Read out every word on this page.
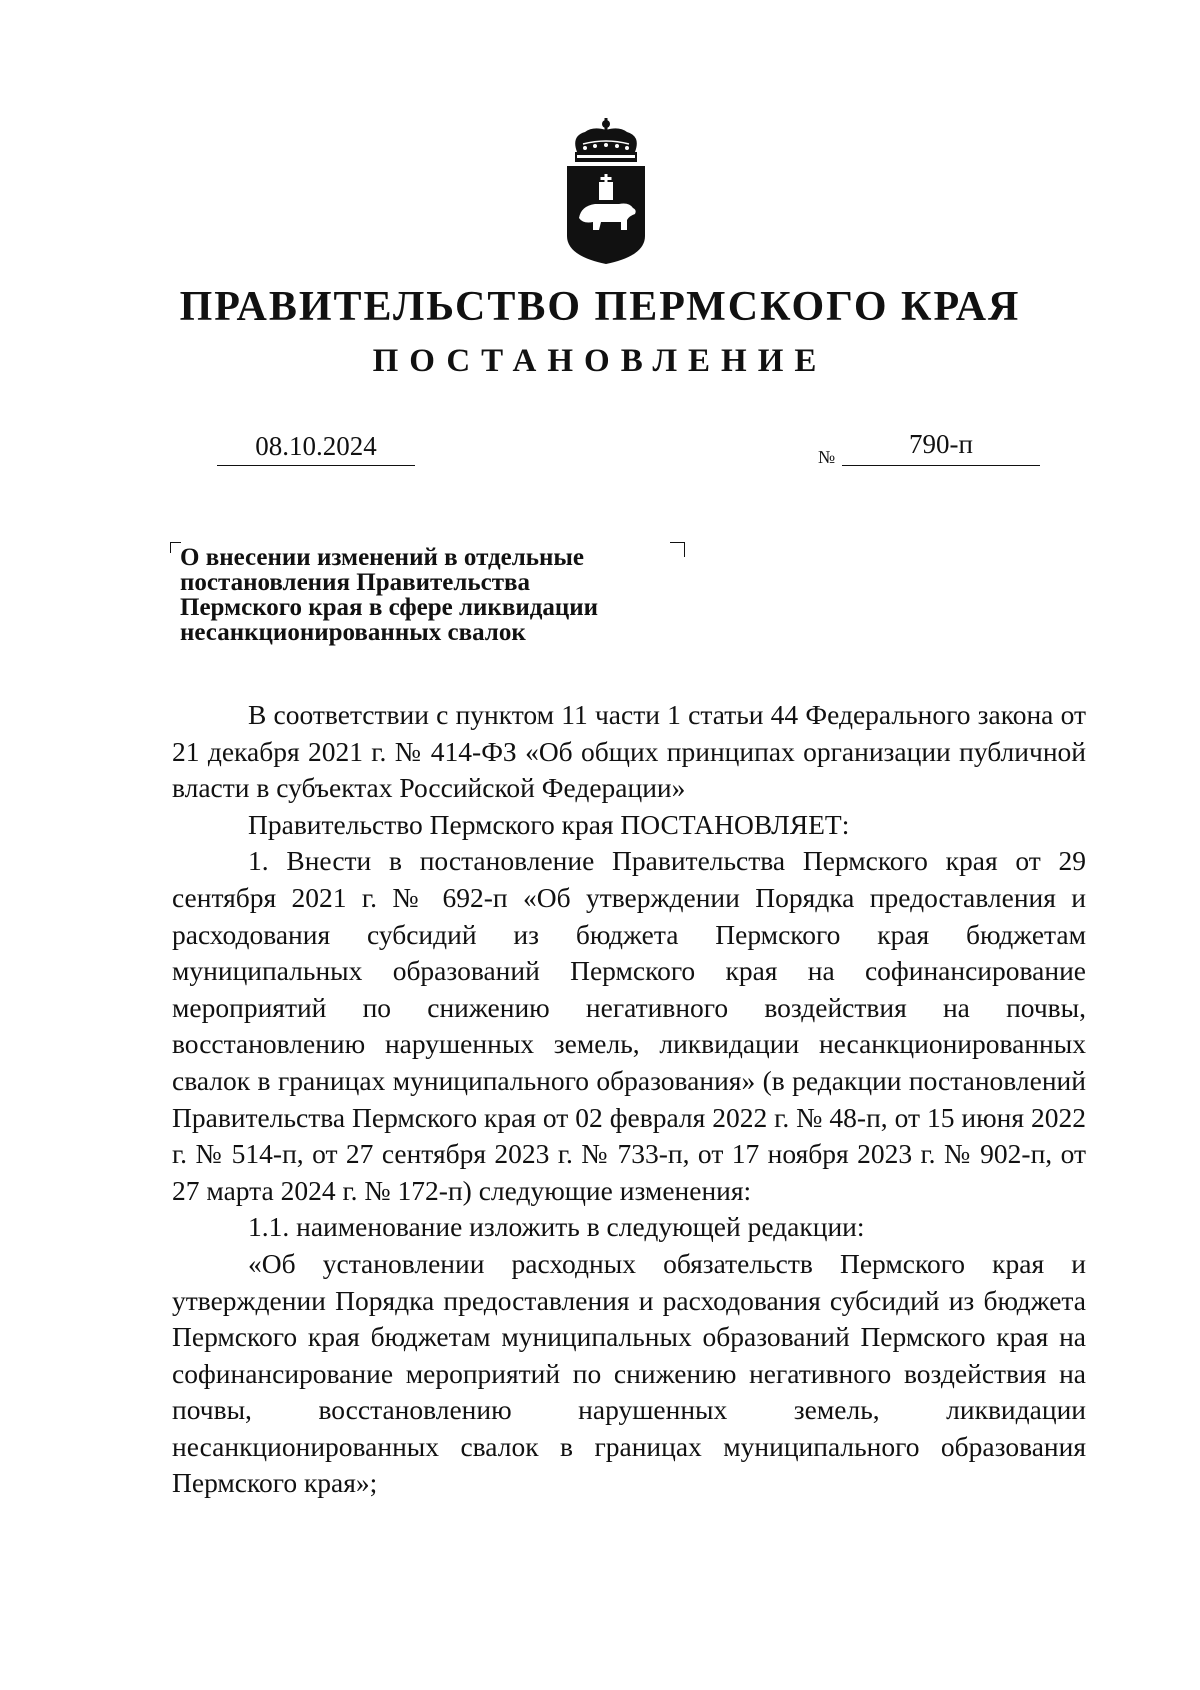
ПРАВИТЕЛЬСТВО ПЕРМСКОГО КРАЯ
ПОСТАНОВЛЕНИЕ
08.10.2024	№	790-п
О внесении изменений в отдельные
постановления Правительства
Пермского края в сфере ликвидации
несанкционированных свалок

В соответствии с пунктом 11 части 1 статьи 44 Федерального закона от 21 декабря 2021 г. № 414-ФЗ «Об общих принципах организации публичной власти в субъектах Российской Федерации»

Правительство Пермского края ПОСТАНОВЛЯЕТ:

1. Внести в постановление Правительства Пермского края от 29 сентября 2021 г. № 692-п «Об утверждении Порядка предоставления и расходования субсидий из бюджета Пермского края бюджетам муниципальных образований Пермского края на софинансирование мероприятий по снижению негативного воздействия на почвы, восстановлению нарушенных земель, ликвидации несанкционированных свалок в границах муниципального образования» (в редакции постановлений Правительства Пермского края от 02 февраля 2022 г. № 48-п, от 15 июня 2022 г. № 514-п, от 27 сентября 2023 г. № 733-п, от 17 ноября 2023 г. № 902-п, от 27 марта 2024 г. № 172-п) следующие изменения:

1.1. наименование изложить в следующей редакции:

«Об установлении расходных обязательств Пермского края и утверждении Порядка предоставления и расходования субсидий из бюджета Пермского края бюджетам муниципальных образований Пермского края на софинансирование мероприятий по снижению негативного воздействия на почвы, восстановлению нарушенных земель, ликвидации несанкционированных свалок в границах муниципального образования Пермского края»;
